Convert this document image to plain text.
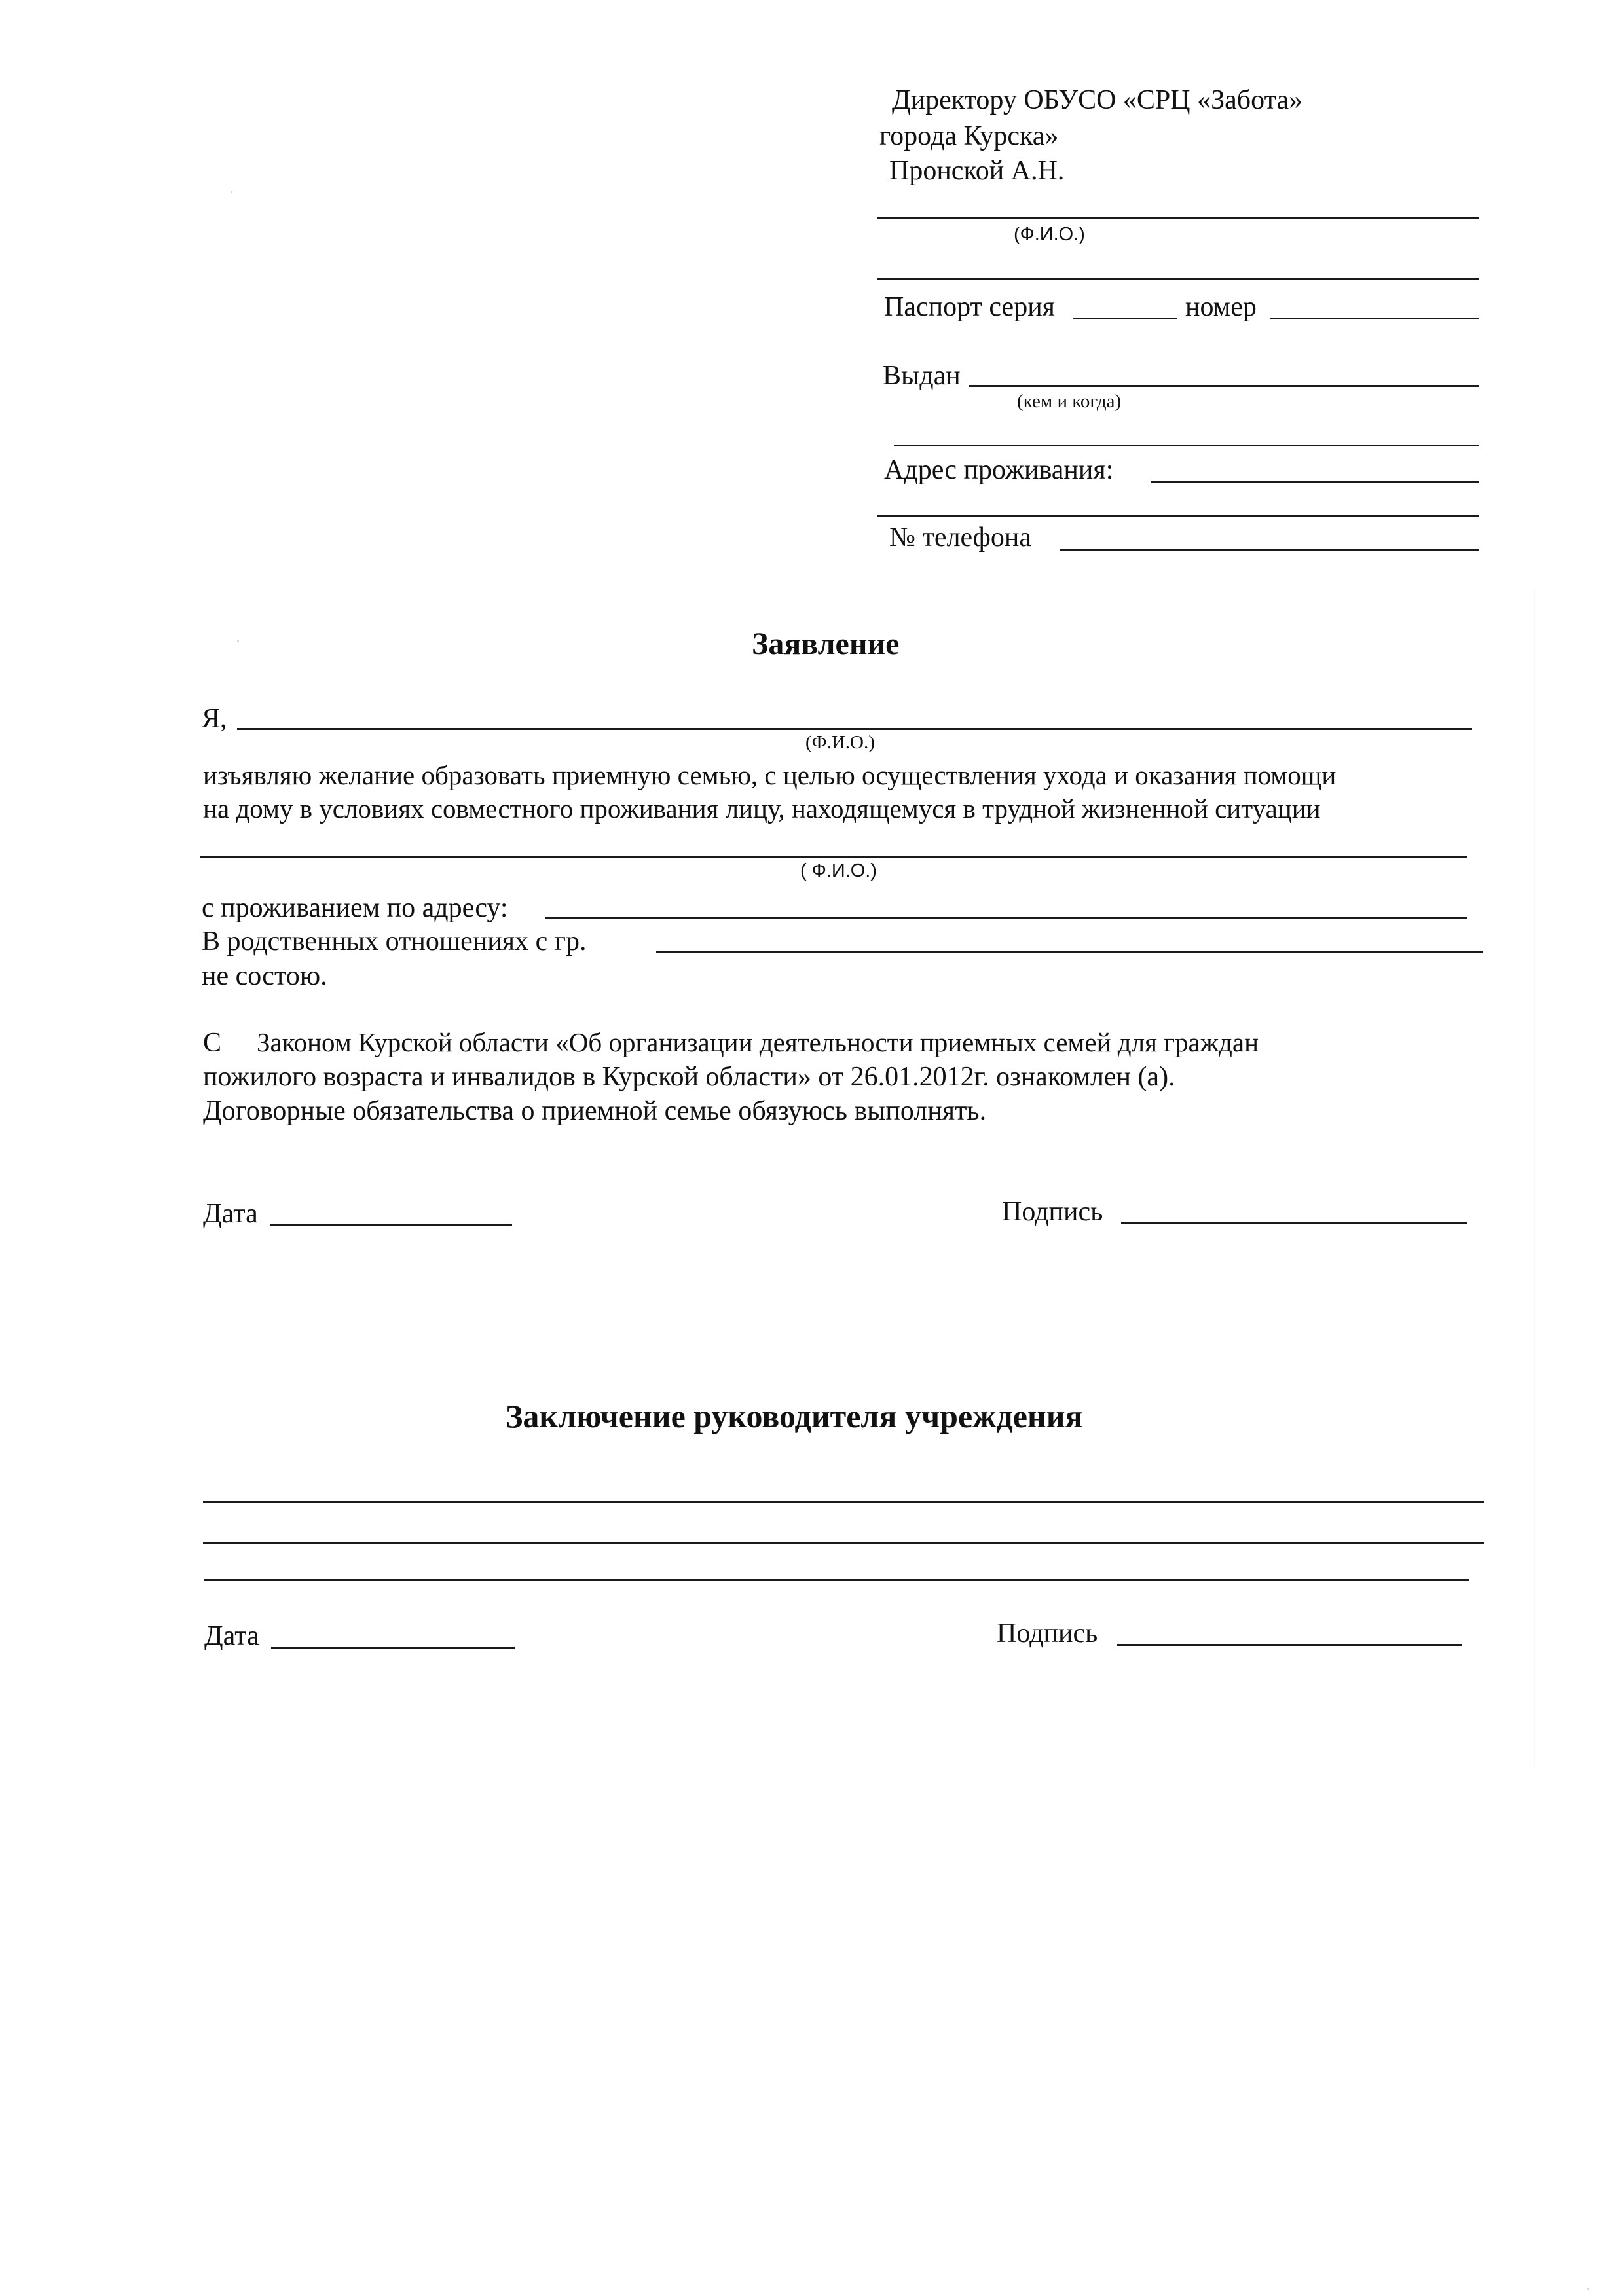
Директору ОБУСО «СРЦ «Забота»
города Курска»
Пронской А.Н.
(Ф.И.О.)
Паспорт серия	номер
Выдан
(кем и когда)
Адрес проживания:
№ телефона
Заявление
Я,
(Ф.И.О.)
изъявляю желание образовать приемную семью, с целью осуществления ухода и оказания помощи
на дому в условиях совместного проживания лицу, находящемуся в трудной жизненной ситуации
( Ф.И.О.)
с проживанием по адресу:
В родственных отношениях с гр.
не состою.
С Законом Курской области «Об организации деятельности приемных семей для граждан
пожилого возраста и инвалидов в Курской области» от 26.01.2012г. ознакомлен (а).
Договорные обязательства о приемной семье обязуюсь выполнять.
Дата	Подпись
Заключение руководителя учреждения
Дата	Подпись
